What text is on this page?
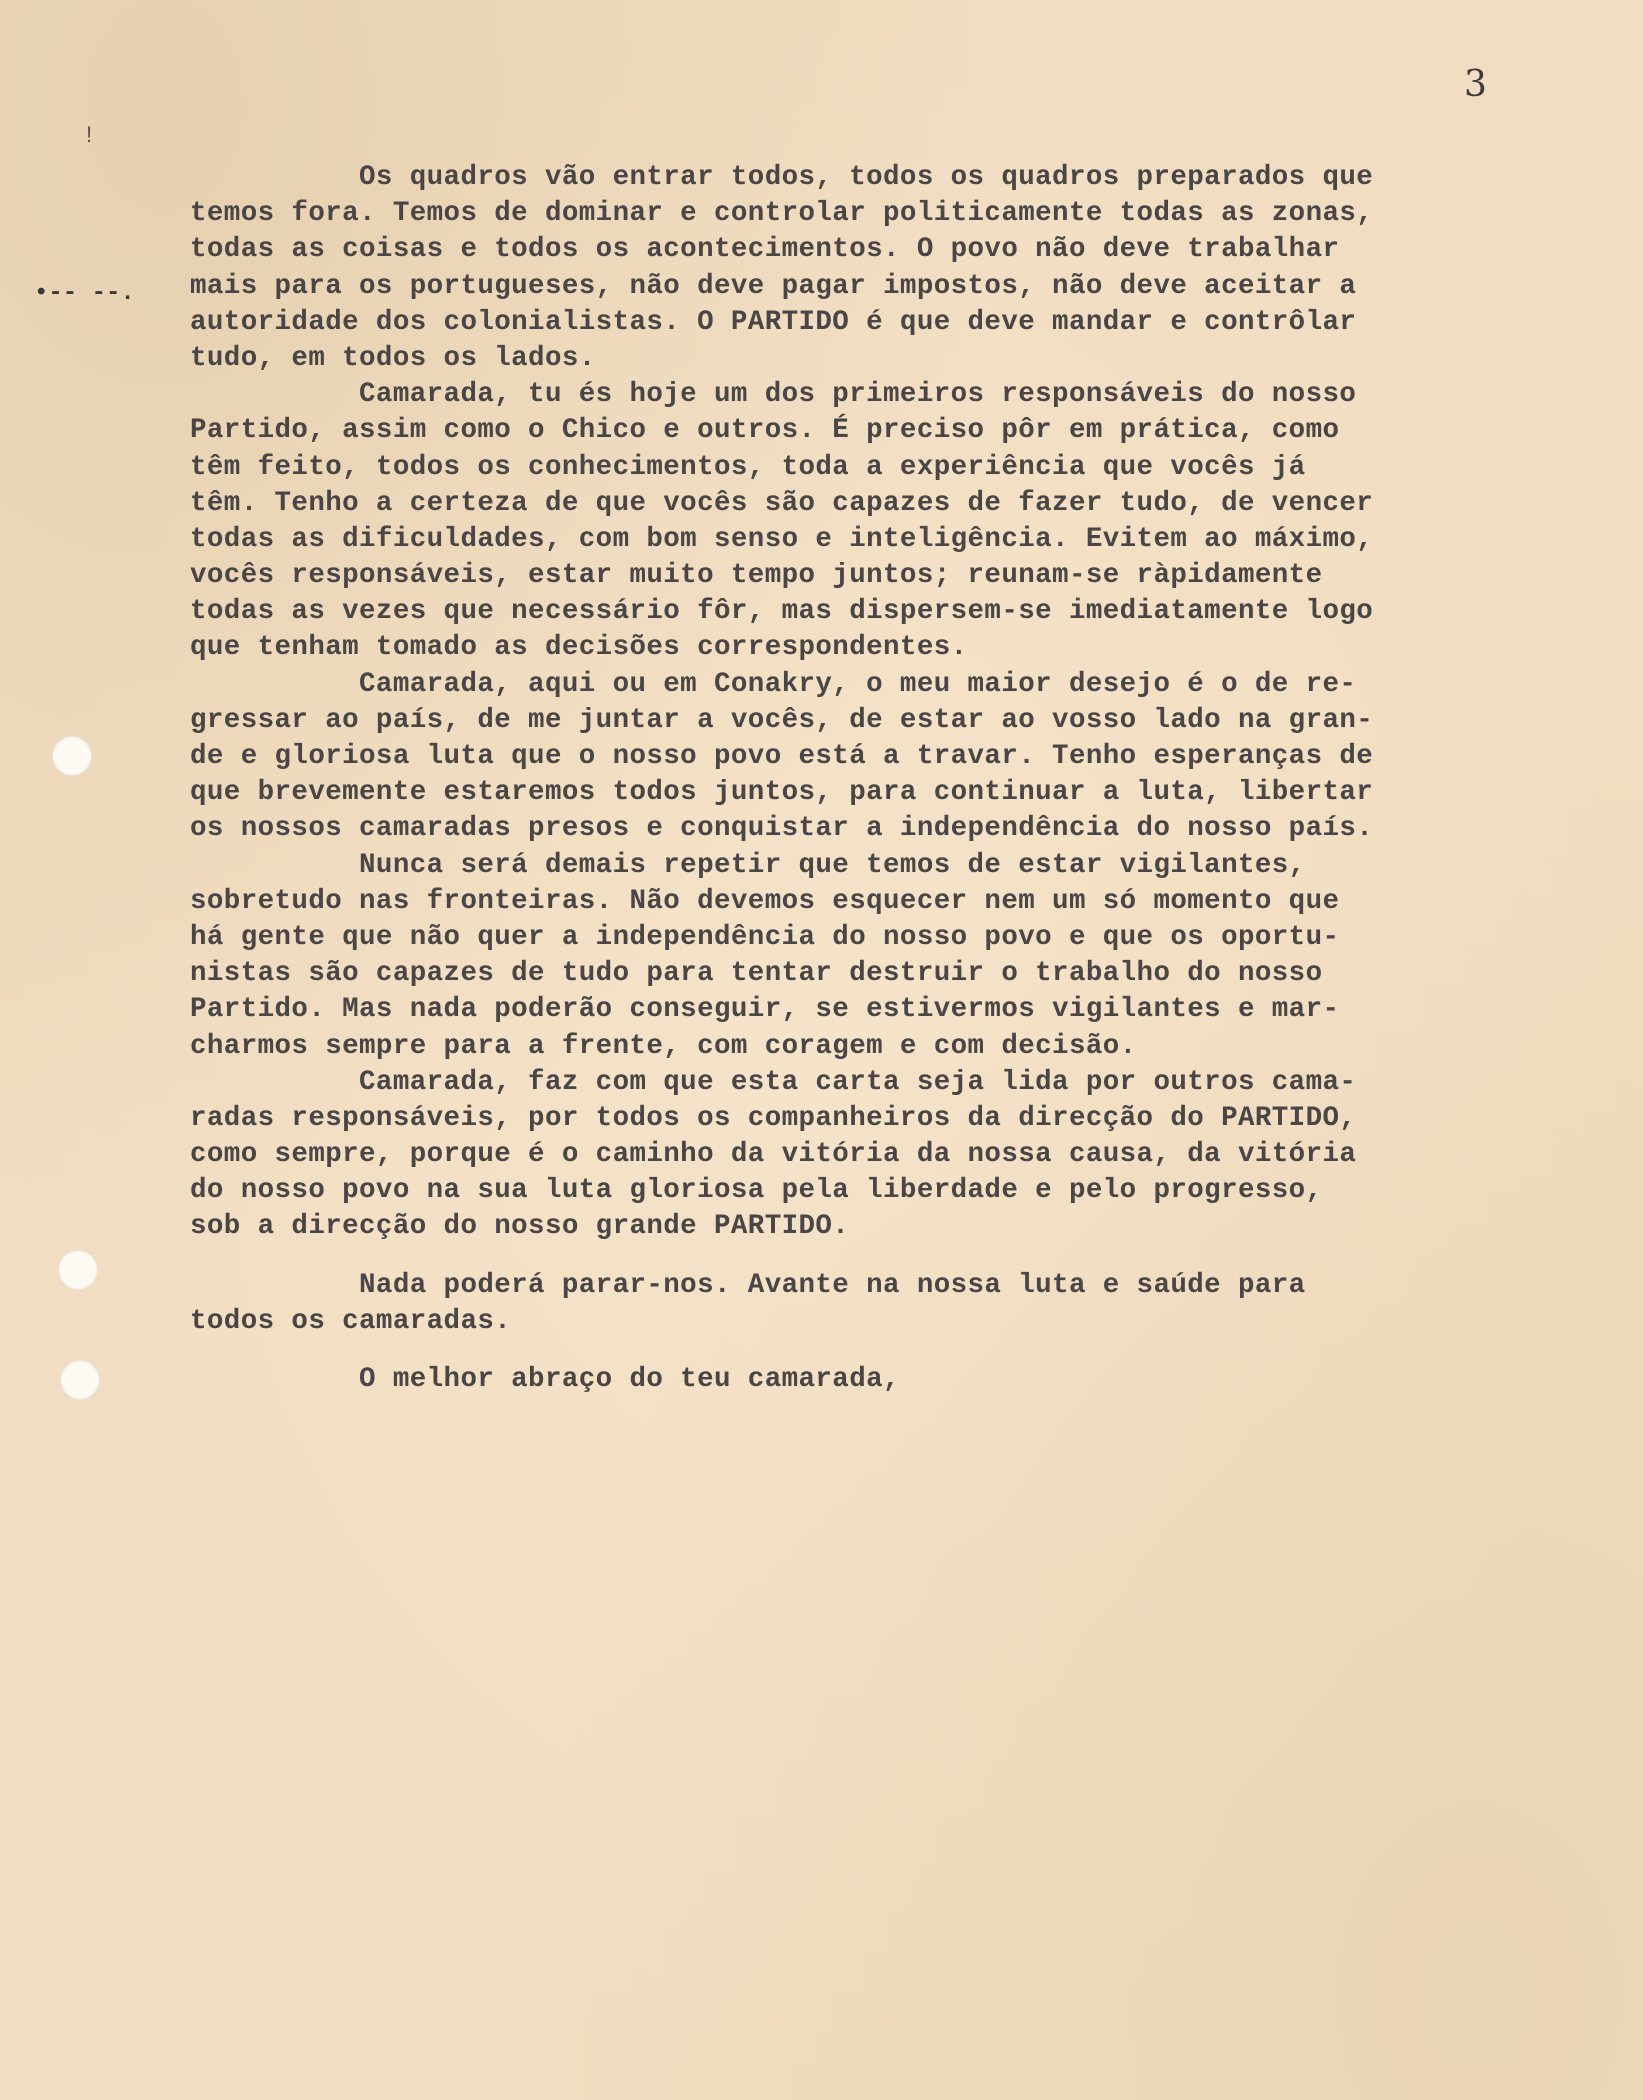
!
3
•-- --.
Os quadros vão entrar todos, todos os quadros preparados que
temos fora. Temos de dominar e controlar politicamente todas as zonas,
todas as coisas e todos os acontecimentos. O povo não deve trabalhar
mais para os portugueses, não deve pagar impostos, não deve aceitar a
autoridade dos colonialistas. O PARTIDO é que deve mandar e contrôlar
tudo, em todos os lados.
Camarada, tu és hoje um dos primeiros responsáveis do nosso
Partido, assim como o Chico e outros. É preciso pôr em prática, como
têm feito, todos os conhecimentos, toda a experiência que vocês já
têm. Tenho a certeza de que vocês são capazes de fazer tudo, de vencer
todas as dificuldades, com bom senso e inteligência. Evitem ao máximo,
vocês responsáveis, estar muito tempo juntos; reunam-se ràpidamente
todas as vezes que necessário fôr, mas dispersem-se imediatamente logo
que tenham tomado as decisões correspondentes.
Camarada, aqui ou em Conakry, o meu maior desejo é o de re-
gressar ao país, de me juntar a vocês, de estar ao vosso lado na gran-
de e gloriosa luta que o nosso povo está a travar. Tenho esperanças de
que brevemente estaremos todos juntos, para continuar a luta, libertar
os nossos camaradas presos e conquistar a independência do nosso país.
Nunca será demais repetir que temos de estar vigilantes,
sobretudo nas fronteiras. Não devemos esquecer nem um só momento que
há gente que não quer a independência do nosso povo e que os oportu-
nistas são capazes de tudo para tentar destruir o trabalho do nosso
Partido. Mas nada poderão conseguir, se estivermos vigilantes e mar-
charmos sempre para a frente, com coragem e com decisão.
Camarada, faz com que esta carta seja lida por outros cama-
radas responsáveis, por todos os companheiros da direcção do PARTIDO,
como sempre, porque é o caminho da vitória da nossa causa, da vitória
do nosso povo na sua luta gloriosa pela liberdade e pelo progresso,
sob a direcção do nosso grande PARTIDO.
Nada poderá parar-nos. Avante na nossa luta e saúde para
todos os camaradas.
O melhor abraço do teu camarada,
